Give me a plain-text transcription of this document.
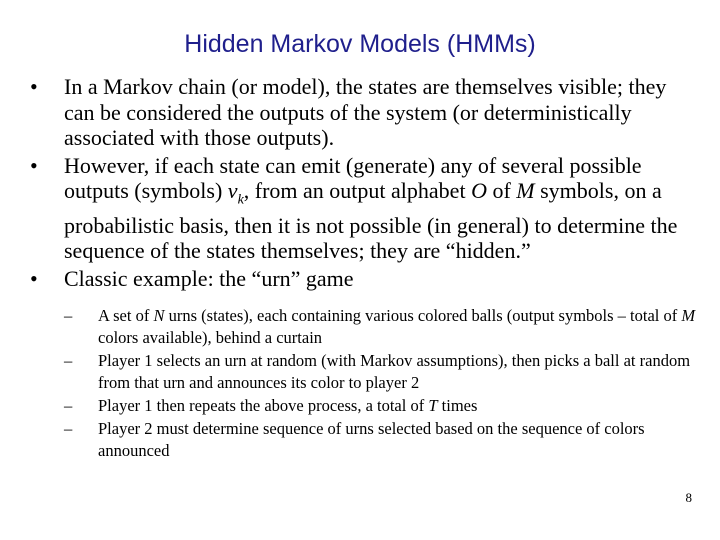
Hidden Markov Models (HMMs)
• In a Markov chain (or model), the states are themselves visible; they can be considered the outputs of the system (or deterministically associated with those outputs).
• However, if each state can emit (generate) any of several possible outputs (symbols) $v_k$, from an output alphabet O of M symbols, on a probabilistic basis, then it is not possible (in general) to determine the sequence of the states themselves; they are “hidden.”
• Classic example: the “urn” game
– A set of N urns (states), each containing various colored balls (output symbols – total of M colors available), behind a curtain
– Player 1 selects an urn at random (with Markov assumptions), then picks a ball at random from that urn and announces its color to player 2
– Player 1 then repeats the above process, a total of T times
– Player 2 must determine sequence of urns selected based on the sequence of colors announced
8
